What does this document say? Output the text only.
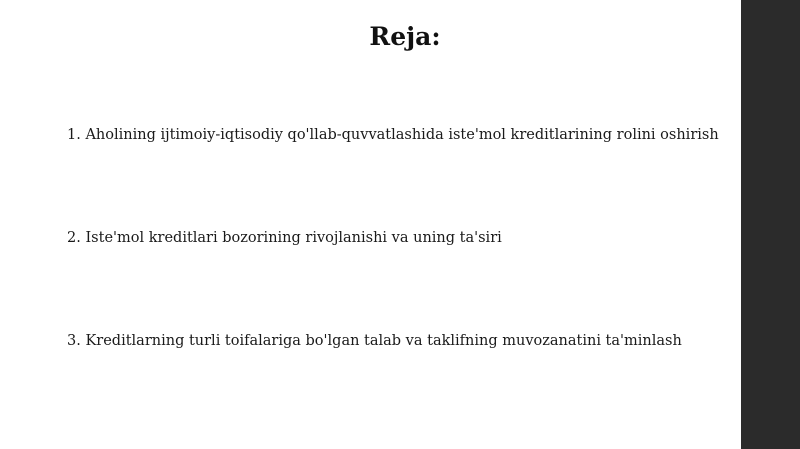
Reja:
1. Aholining ijtimoiy-iqtisodiy qo'llab-quvvatlashida iste'mol kreditlarining rolini oshirish
2. Iste'mol kreditlari bozorining rivojlanishi va uning ta'siri
3. Kreditlarning turli toifalariga bo'lgan talab va taklifning muvozanatini ta'minlash
